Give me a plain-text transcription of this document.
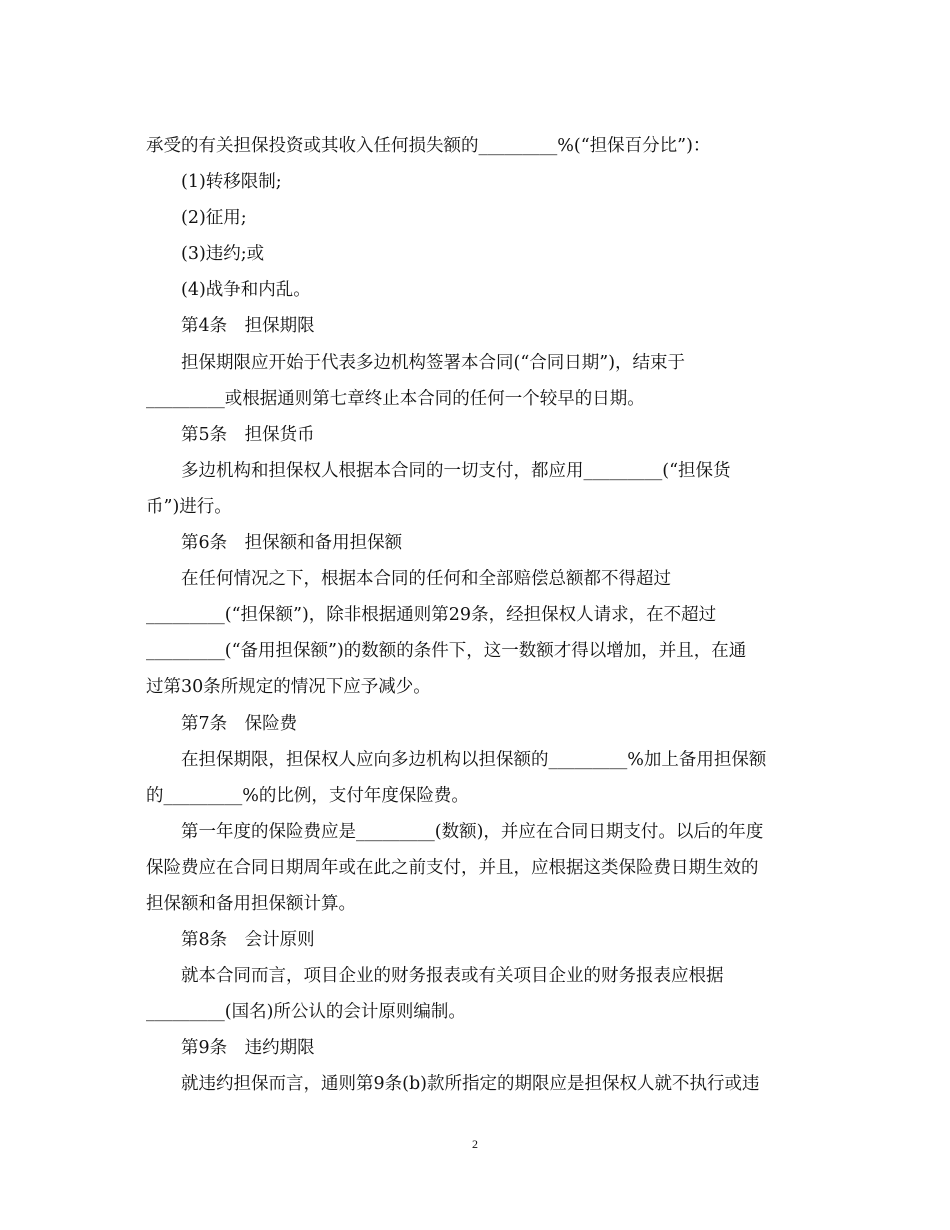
承受的有关担保投资或其收入任何损失额的_________%(“担保百分比”)：
(1)转移限制;
(2)征用;
(3)违约;或
(4)战争和内乱。
第4条　担保期限
担保期限应开始于代表多边机构签署本合同(“合同日期”)，结束于
_________或根据通则第七章终止本合同的任何一个较早的日期。
第5条　担保货币
多边机构和担保权人根据本合同的一切支付，都应用_________(“担保货
币”)进行。
第6条　担保额和备用担保额
在任何情况之下，根据本合同的任何和全部赔偿总额都不得超过
_________(“担保额”)，除非根据通则第29条，经担保权人请求，在不超过
_________(“备用担保额”)的数额的条件下，这一数额才得以增加，并且，在通
过第30条所规定的情况下应予减少。
第7条　保险费
在担保期限，担保权人应向多边机构以担保额的_________%加上备用担保额
的_________%的比例，支付年度保险费。
第一年度的保险费应是_________(数额)，并应在合同日期支付。以后的年度
保险费应在合同日期周年或在此之前支付，并且，应根据这类保险费日期生效的
担保额和备用担保额计算。
第8条　会计原则
就本合同而言，项目企业的财务报表或有关项目企业的财务报表应根据
_________(国名)所公认的会计原则编制。
第9条　违约期限
就违约担保而言，通则第9条(b)款所指定的期限应是担保权人就不执行或违
2
